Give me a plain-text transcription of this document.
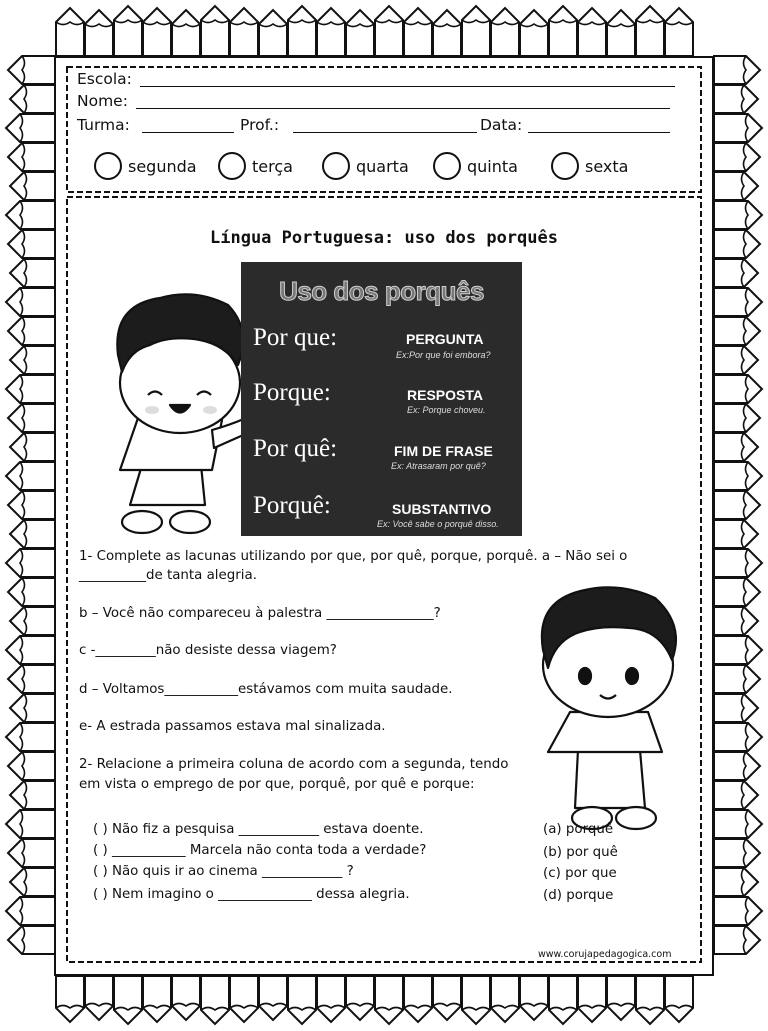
Escola:
Nome:
Turma:	Prof.:	Data:
segunda	terça	quarta	quinta	sexta
Língua Portuguesa: uso dos porquês
Uso dos porquês
Por que:	PERGUNTA
Ex:Por que foi embora?
Porque:	RESPOSTA
Ex: Porque choveu.
Por quê:	FIM DE FRASE
Ex: Atrasaram por quê?
Porquê:	SUBSTANTIVO
Ex: Você sabe o porquê disso.
1- Complete as lacunas utilizando por que, por quê, porque, porquê. a – Não sei o
__________de tanta alegria.
b – Você não compareceu à palestra ________________?
c -_________não desiste dessa viagem?
d – Voltamos___________estávamos com muita saudade.
e- A estrada passamos estava mal sinalizada.
2- Relacione a primeira coluna de acordo com a segunda, tendo
em vista o emprego de por que, porquê, por quê e porque:
( ) Não fiz a pesquisa ____________ estava doente.
( ) ___________ Marcela não conta toda a verdade?
( ) Não quis ir ao cinema ____________ ?
( ) Nem imagino o ______________ dessa alegria.
(a) porquê
(b) por quê
(c) por que
(d) porque
www.corujapedagogica.com
